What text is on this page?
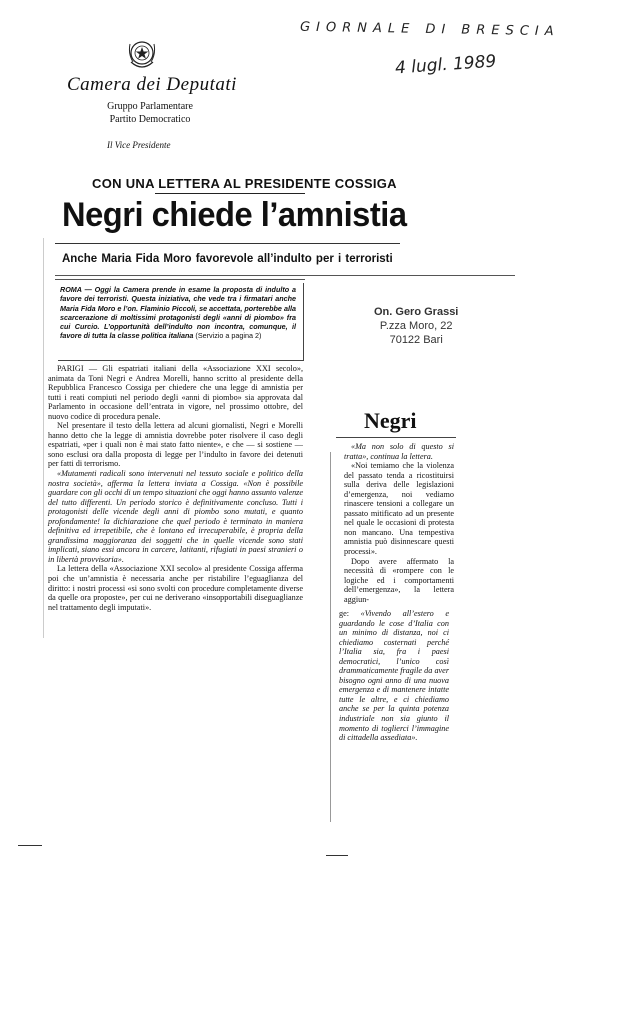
Camera dei Deputati
Gruppo Parlamentare
Partito Democratico
Il Vice Presidente
GIORNALE DI BRESCIA
4 lugl. 1989
CON UNA LETTERA AL PRESIDENTE COSSIGA
Negri chiede l’amnistia
Anche Maria Fida Moro favorevole all’indulto per i terroristi
ROMA — Oggi la Camera prende in esame la proposta di indulto a favore dei terroristi. Questa iniziativa, che vede tra i firmatari anche Maria Fida Moro e l’on. Flaminio Piccoli, se accettata, porterebbe alla scarcerazione di moltissimi protagonisti degli «anni di piombo» fra cui Curcio. L’opportunità dell’indulto non incontra, comunque, il favore di tutta la classe politica italiana (Servizio a pagina 2)

PARIGI — Gli espatriati italiani della «Associazione XXI secolo», animata da Toni Negri e Andrea Morelli, hanno scritto al presidente della Repubblica Francesco Cossiga per chiedere che una legge di amnistia per tutti i reati compiuti nel periodo degli «anni di piombo» sia approvata dal Parlamento in occasione dell’entrata in vigore, nel prossimo ottobre, del nuovo codice di procedura penale.

Nel presentare il testo della lettera ad alcuni giornalisti, Negri e Morelli hanno detto che la legge di amnistia dovrebbe poter risolvere il caso degli espatriati, «per i quali non è mai stato fatto niente», e che — si sostiene — sono esclusi ora dalla proposta di legge per l’indulto in favore dei detenuti per fatti di terrorismo.

«Mutamenti radicali sono intervenuti nel tessuto sociale e politico della nostra società», afferma la lettera inviata a Cossiga. «Non è possibile guardare con gli occhi di un tempo situazioni che oggi hanno assunto valenze del tutto differenti. Un periodo storico è definitivamente concluso. Tutti i protagonisti delle vicende degli anni di piombo sono mutati, e quanto profondamente! la dichiarazione che quel periodo è terminato in maniera definitiva ed irrepetibile, che è lontano ed irrecuperabile, è propria della grandissima maggioranza dei soggetti che in quelle vicende sono stati implicati, siano essi ancora in carcere, latitanti, rifugiati in paesi stranieri o in libertà provvisoria».

La lettera della «Associazione XXI secolo» al presidente Cossiga afferma poi che un’amnistia è necessaria anche per ristabilire l’eguaglianza del diritto: i nostri processi «si sono svolti con procedure completamente diverse da quelle ora proposte», per cui ne deriverano «insopportabili diseguaglianze nel trattamento degli imputati».

On. Gero Grassi
P.zza Moro, 22
70122 Bari
Negri

«Ma non solo di questo si tratta», continua la lettera.

«Noi temiamo che la violenza del passato tenda a ricostituirsi sulla deriva delle legislazioni d’emergenza, noi vediamo rinascere tensioni a collegare un passato mitificato ad un presente nel quale le occasioni di protesta non mancano. Una tempestiva amnistia può disinnescare questi processi».

Dopo avere affermato la necessità di «rompere con le logiche ed i comportamenti dell’emergenza», la lettera aggiun-

ge: «Vivendo all’estero e guardando le cose d’Italia con un minimo di distanza, noi ci chiediamo costernati perché l’Italia sia, fra i paesi democratici, l’unico così drammaticamente fragile da aver bisogno ogni anno di una nuova emergenza e di mantenere intatte tutte le altre, e ci chiediamo anche se per la quinta potenza industriale non sia giunto il momento di toglierci l’immagine di cittadella assediata».
